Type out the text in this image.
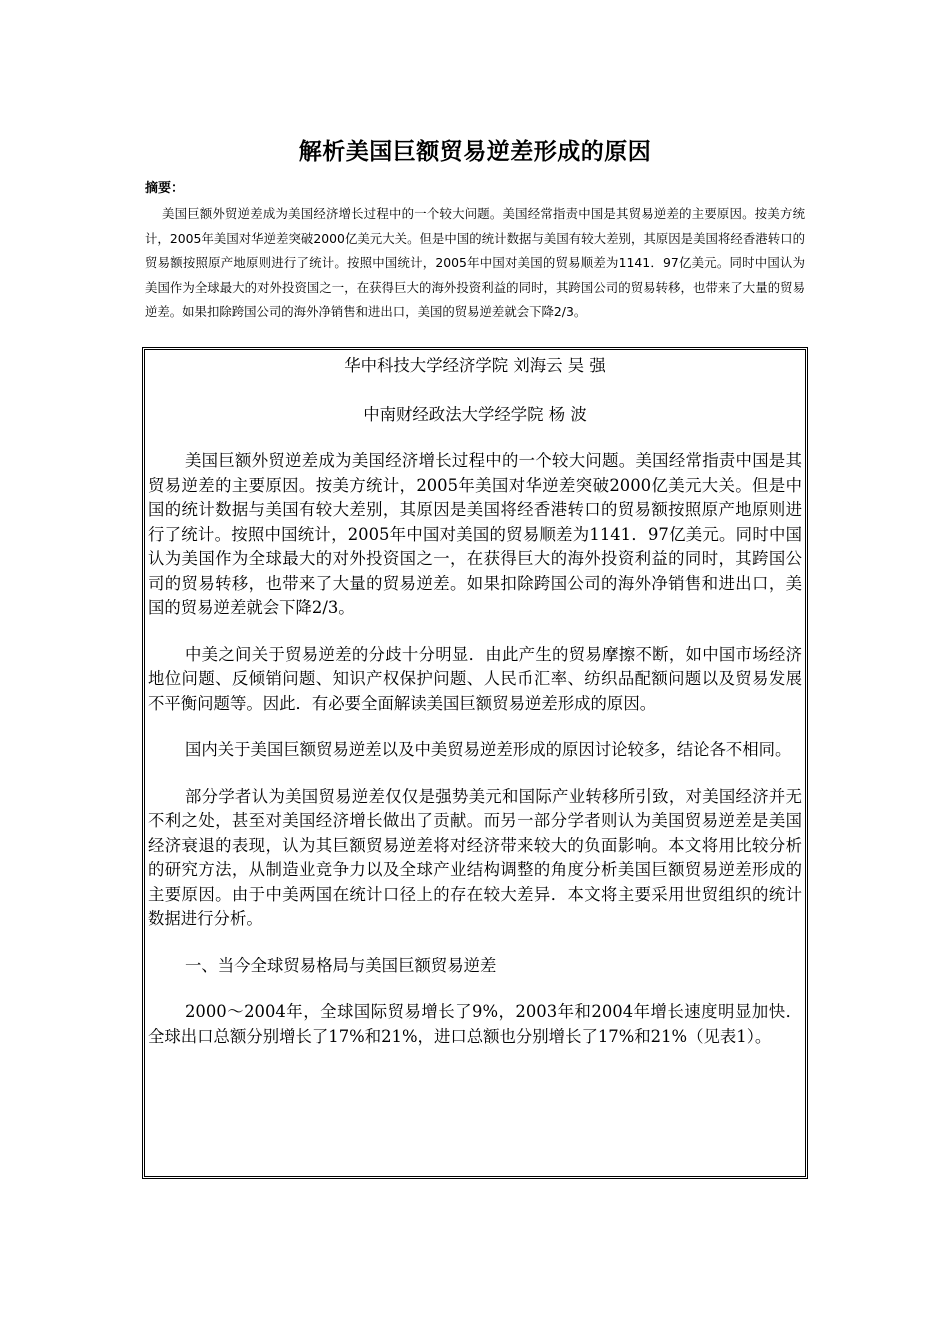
解析美国巨额贸易逆差形成的原因
摘要：

美国巨额外贸逆差成为美国经济增长过程中的一个较大问题。美国经常指责中国是其贸易逆差的主要原因。按美方统计，2005年美国对华逆差突破2000亿美元大关。但是中国的统计数据与美国有较大差别，其原因是美国将经香港转口的贸易额按照原产地原则进行了统计。按照中国统计，2005年中国对美国的贸易顺差为1141．97亿美元。同时中国认为美国作为全球最大的对外投资国之一，在获得巨大的海外投资利益的同时，其跨国公司的贸易转移，也带来了大量的贸易逆差。如果扣除跨国公司的海外净销售和进出口，美国的贸易逆差就会下降2/3。

华中科技大学经济学院 刘海云 吴 强

中南财经政法大学经学院 杨 波

美国巨额外贸逆差成为美国经济增长过程中的一个较大问题。美国经常指责中国是其贸易逆差的主要原因。按美方统计，2005年美国对华逆差突破2000亿美元大关。但是中国的统计数据与美国有较大差别，其原因是美国将经香港转口的贸易额按照原产地原则进行了统计。按照中国统计，2005年中国对美国的贸易顺差为1141．97亿美元。同时中国认为美国作为全球最大的对外投资国之一，在获得巨大的海外投资利益的同时，其跨国公司的贸易转移，也带来了大量的贸易逆差。如果扣除跨国公司的海外净销售和进出口，美国的贸易逆差就会下降2/3。

中美之间关于贸易逆差的分歧十分明显．由此产生的贸易摩擦不断，如中国市场经济地位问题、反倾销问题、知识产权保护问题、人民币汇率、纺织品配额问题以及贸易发展不平衡问题等。因此．有必要全面解读美国巨额贸易逆差形成的原因。

国内关于美国巨额贸易逆差以及中美贸易逆差形成的原因讨论较多，结论各不相同。

部分学者认为美国贸易逆差仅仅是强势美元和国际产业转移所引致，对美国经济并无不利之处，甚至对美国经济增长做出了贡献。而另一部分学者则认为美国贸易逆差是美国经济衰退的表现，认为其巨额贸易逆差将对经济带来较大的负面影响。本文将用比较分析的研究方法，从制造业竞争力以及全球产业结构调整的角度分析美国巨额贸易逆差形成的主要原因。由于中美两国在统计口径上的存在较大差异．本文将主要采用世贸组织的统计数据进行分析。

一、当今全球贸易格局与美国巨额贸易逆差

2000～2004年，全球国际贸易增长了9%，2003年和2004年增长速度明显加快．全球出口总额分别增长了17%和21%，进口总额也分别增长了17%和21%（见表1）。
